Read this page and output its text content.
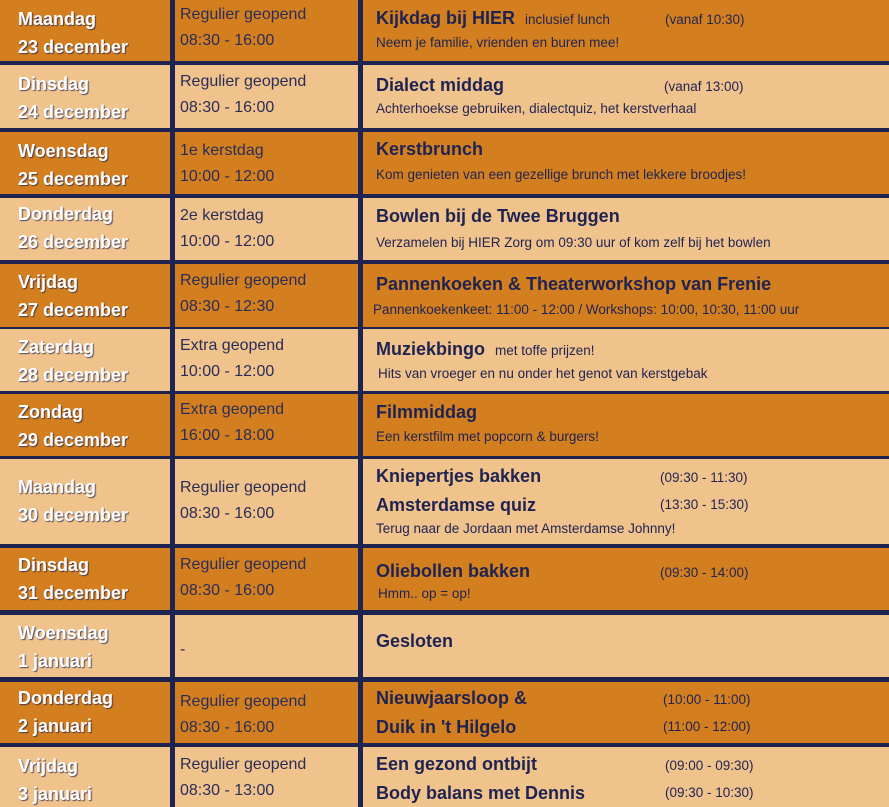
Maandag
23 december
Regulier geopend
08:30 - 16:00
Kijkdag bij HIER inclusief lunch	(vanaf 10:30)
Neem je familie, vrienden en buren mee!
Dinsdag
24 december
Regulier geopend
08:30 - 16:00
Dialect middag	(vanaf 13:00)
Achterhoekse gebruiken, dialectquiz, het kerstverhaal
Woensdag
25 december
1e kerstdag
10:00 - 12:00
Kerstbrunch
Kom genieten van een gezellige brunch met lekkere broodjes!
Donderdag
26 december
2e kerstdag
10:00 - 12:00
Bowlen bij de Twee Bruggen
Verzamelen bij HIER Zorg om 09:30 uur of kom zelf bij het bowlen
Vrijdag
27 december
Regulier geopend
08:30 - 12:30
Pannenkoeken & Theaterworkshop van Frenie
Pannenkoekenkeet: 11:00 - 12:00 / Workshops: 10:00, 10:30, 11:00 uur
Zaterdag
28 december
Extra geopend
10:00 - 12:00
Muziekbingo met toffe prijzen!
Hits van vroeger en nu onder het genot van kerstgebak
Zondag
29 december
Extra geopend
16:00 - 18:00
Filmmiddag
Een kerstfilm met popcorn & burgers!
Maandag
30 december
Regulier geopend
08:30 - 16:00
Kniepertjes bakken	(09:30 - 11:30)
Amsterdamse quiz	(13:30 - 15:30)
Terug naar de Jordaan met Amsterdamse Johnny!
Dinsdag
31 december
Regulier geopend
08:30 - 16:00
Oliebollen bakken	(09:30 - 14:00)
Hmm.. op = op!
Woensdag
1 januari
-	Gesloten
Donderdag
2 januari
Regulier geopend
08:30 - 16:00
Nieuwjaarsloop &	(10:00 - 11:00)
Duik in 't Hilgelo	(11:00 - 12:00)
Vrijdag
3 januari
Regulier geopend
08:30 - 13:00
Een gezond ontbijt	(09:00 - 09:30)
Body balans met Dennis	(09:30 - 10:30)
